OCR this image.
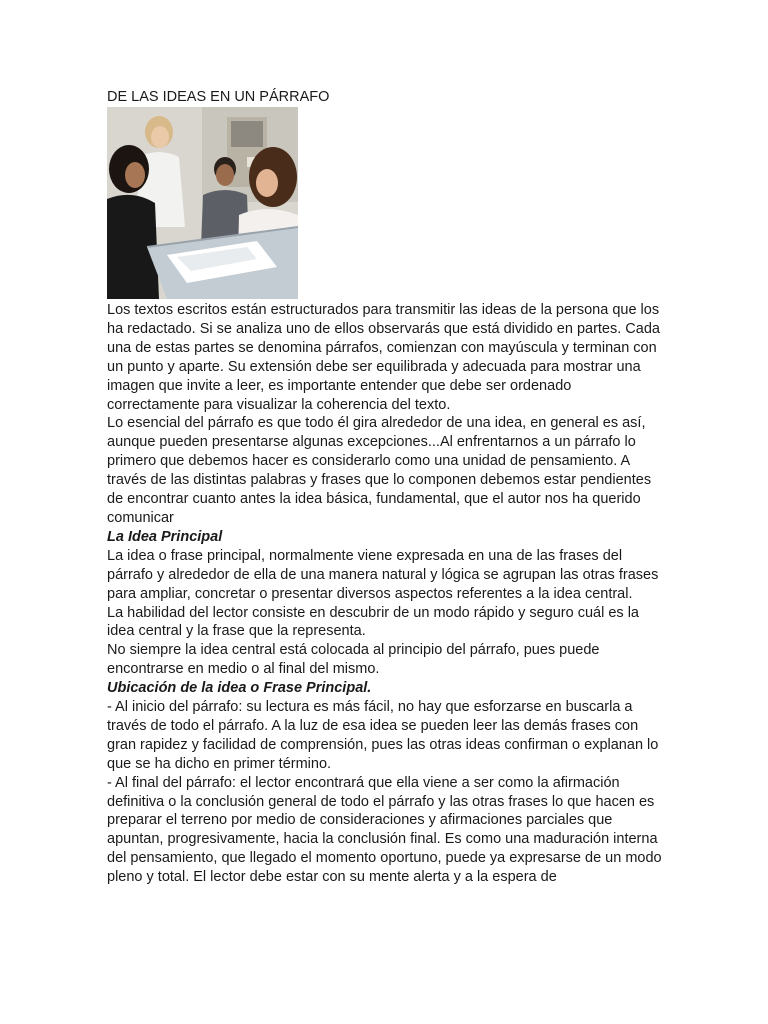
DE LAS IDEAS EN UN PÁRRAFO

Los textos escritos están estructurados para transmitir las ideas de la persona que los ha redactado. Si se analiza uno de ellos observarás que está dividido en partes. Cada una de estas partes se denomina párrafos, comienzan con mayúscula y terminan con un punto y aparte. Su extensión debe ser equilibrada y adecuada para mostrar una imagen que invite a leer, es importante entender que debe ser ordenado correctamente para visualizar la coherencia del texto.

Lo esencial del párrafo es que todo él gira alrededor de una idea, en general es así, aunque pueden presentarse algunas excepciones...Al enfrentarnos a un párrafo lo primero que debemos hacer es considerarlo como una unidad de pensamiento. A través de las distintas palabras y frases que lo componen debemos estar pendientes de encontrar cuanto antes la idea básica, fundamental, que el autor nos ha querido comunicar

La Idea Principal

La idea o frase principal, normalmente viene expresada en una de las frases del párrafo y alrededor de ella de una manera natural y lógica se agrupan las otras frases para ampliar, concretar o presentar diversos aspectos referentes a la idea central.

La habilidad del lector consiste en descubrir de un modo rápido y seguro cuál es la idea central y la frase que la representa.

No siempre la idea central está colocada al principio del párrafo, pues puede encontrarse en medio o al final del mismo.

Ubicación de la idea o Frase Principal.

- Al inicio del párrafo: su lectura es más fácil, no hay que esforzarse en buscarla a través de todo el párrafo. A la luz de esa idea se pueden leer las demás frases con gran rapidez y facilidad de comprensión, pues las otras ideas confirman o explanan lo que se ha dicho en primer término.

- Al final del párrafo: el lector encontrará que ella viene a ser como la afirmación definitiva o la conclusión general de todo el párrafo y las otras frases lo que hacen es preparar el terreno por medio de consideraciones y afirmaciones parciales que apuntan, progresivamente, hacia la conclusión final. Es como una maduración interna del pensamiento, que llegado el momento oportuno, puede ya expresarse de un modo pleno y total. El lector debe estar con su mente alerta y a la espera de
